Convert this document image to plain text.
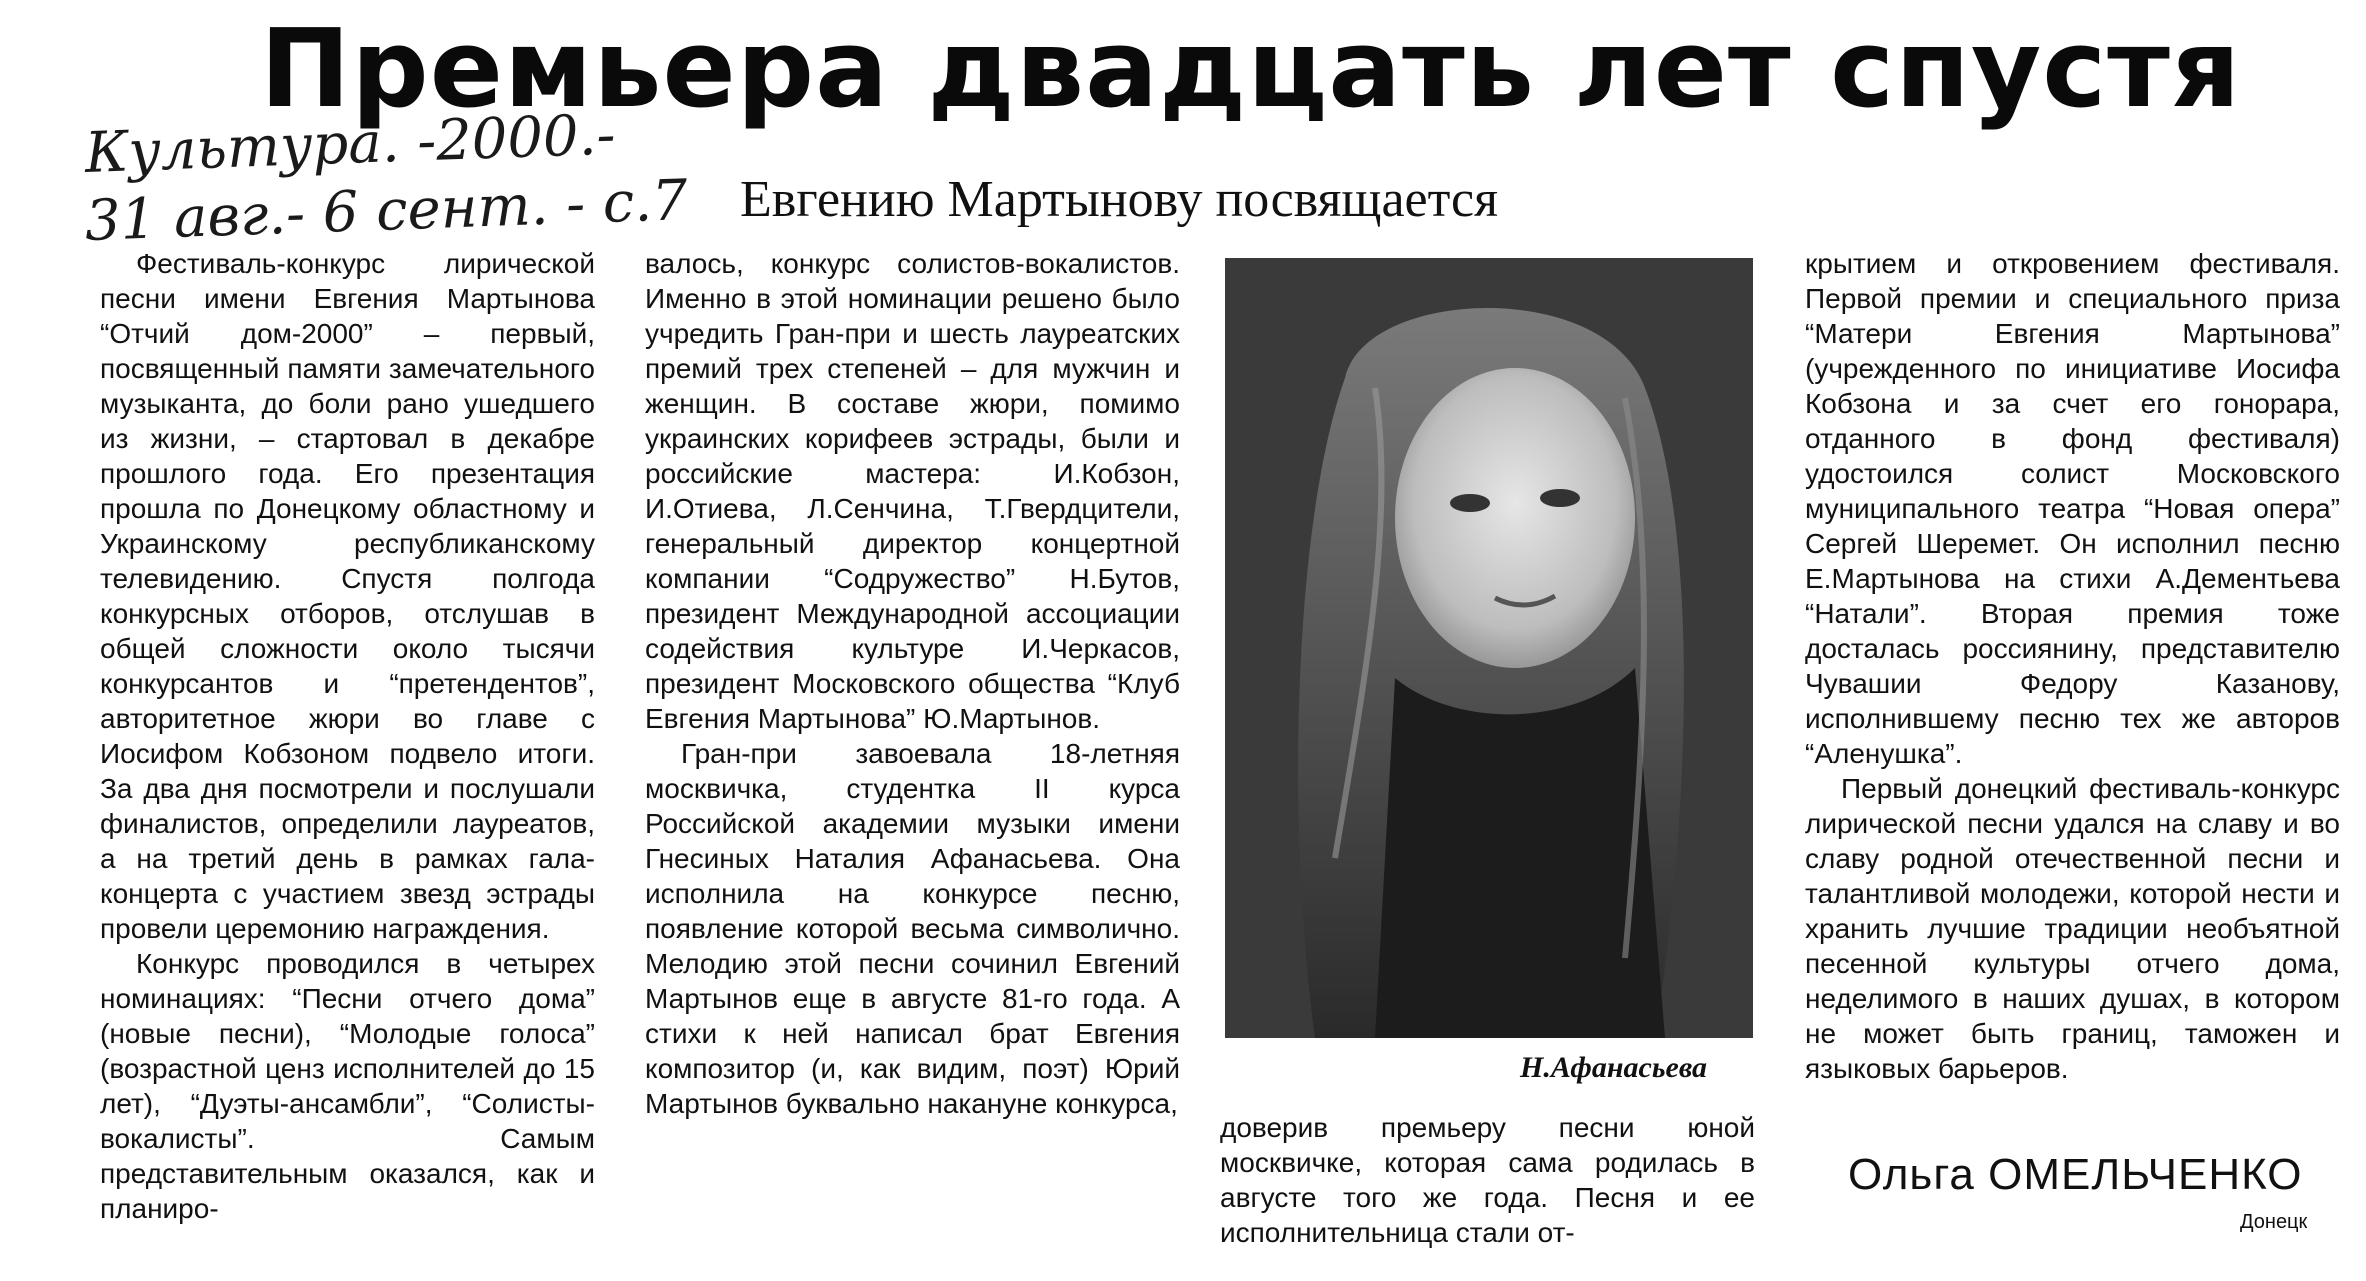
Премьера двадцать лет спустя
Культура. -2000.-
31 авг.- 6 сент. - с.7 Евгению Мартынову посвящается

Фестиваль-конкурс лирической песни имени Евгения Мартынова “Отчий дом-2000” – первый, посвященный памяти замечательного музыканта, до боли рано ушедшего из жизни, – стартовал в декабре прошлого года. Его презентация прошла по Донецкому областному и Украинскому республиканскому телевидению. Спустя полгода конкурсных отборов, отслушав в общей сложности около тысячи конкурсантов и “претендентов”, авторитетное жюри во главе с Иосифом Кобзоном подвело итоги. За два дня посмотрели и послушали финалистов, определили лауреатов, а на третий день в рамках гала-концерта с участием звезд эстрады провели церемонию награждения.

Конкурс проводился в четырех номинациях: “Песни отчего дома” (новые песни), “Молодые голоса” (возрастной ценз исполнителей до 15 лет), “Дуэты-ансамбли”, “Солисты-вокалисты”. Самым представительным оказался, как и планиро-

валось, конкурс солистов-вокалистов. Именно в этой номинации решено было учредить Гран-при и шесть лауреатских премий трех степеней – для мужчин и женщин. В составе жюри, помимо украинских корифеев эстрады, были и российские мастера: И.Кобзон, И.Отиева, Л.Сенчина, Т.Гвердцители, генеральный директор концертной компании “Содружество” Н.Бутов, президент Международной ассоциации содействия культуре И.Черкасов, президент Московского общества “Клуб Евгения Мартынова” Ю.Мартынов.

Гран-при завоевала 18-летняя москвичка, студентка II курса Российской академии музыки имени Гнесиных Наталия Афанасьева. Она исполнила на конкурсе песню, появление которой весьма символично. Мелодию этой песни сочинил Евгений Мартынов еще в августе 81-го года. А стихи к ней написал брат Евгения композитор (и, как видим, поэт) Юрий Мартынов буквально накануне конкурса,

Н.Афанасьева

доверив премьеру песни юной москвичке, которая сама родилась в августе того же года. Песня и ее исполнительница стали от-

крытием и откровением фестиваля. Первой премии и специального приза “Матери Евгения Мартынова” (учрежденного по инициативе Иосифа Кобзона и за счет его гонорара, отданного в фонд фестиваля) удостоился солист Московского муниципального театра “Новая опера” Сергей Шеремет. Он исполнил песню Е.Мартынова на стихи А.Дементьева “Натали”. Вторая премия тоже досталась россиянину, представителю Чувашии Федору Казанову, исполнившему песню тех же авторов “Аленушка”.

Первый донецкий фестиваль-конкурс лирической песни удался на славу и во славу родной отечественной песни и талантливой молодежи, которой нести и хранить лучшие традиции необъятной песенной культуры отчего дома, неделимого в наших душах, в котором не может быть границ, таможен и языковых барьеров.

Ольга ОМЕЛЬЧЕНКО
Донецк
